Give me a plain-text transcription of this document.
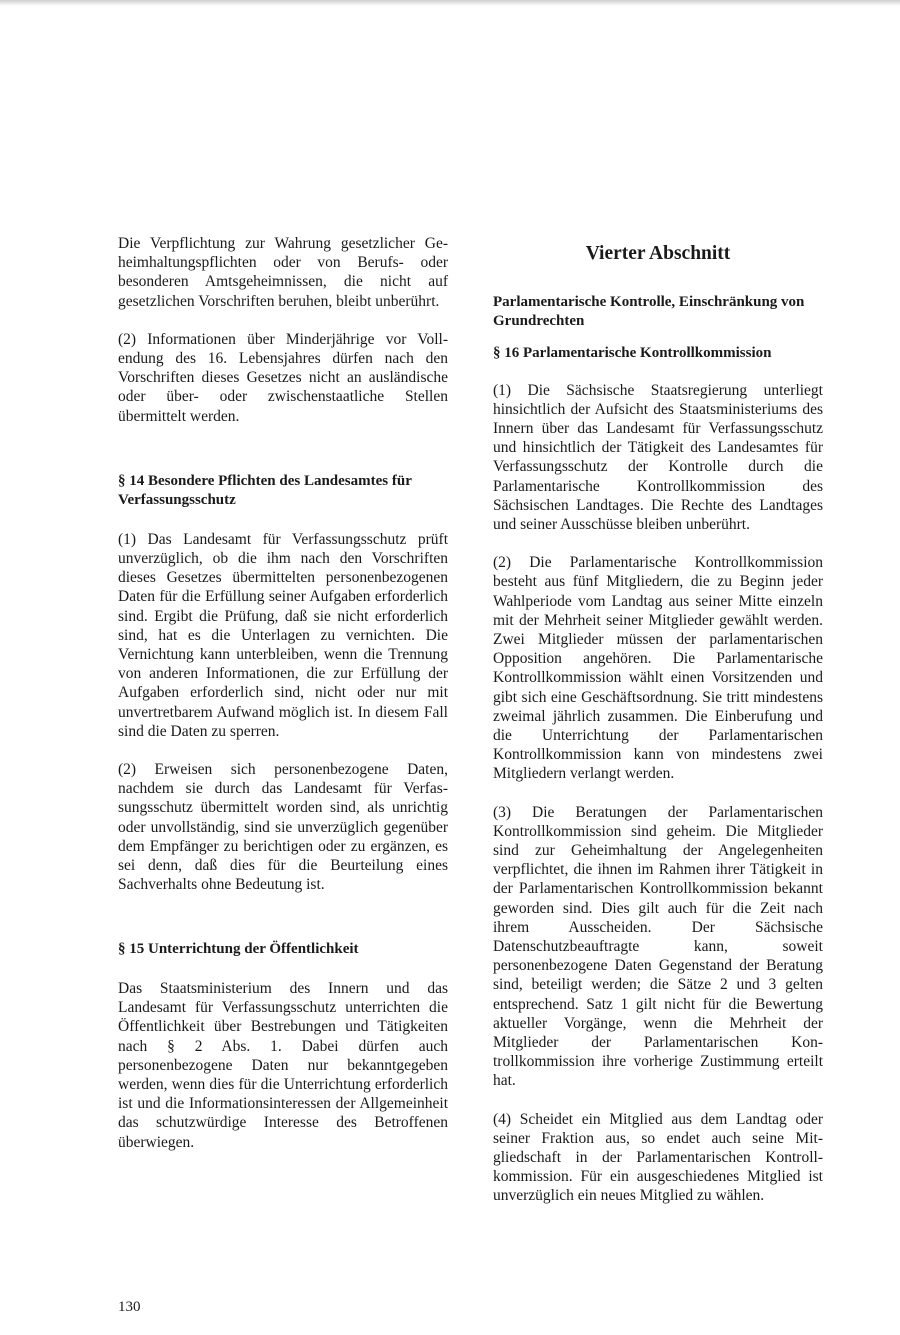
Die Verpflichtung zur Wahrung gesetzlicher Geheimhaltungspflichten oder von Berufs- oder besonderen Amtsgeheimnissen, die nicht auf gesetzlichen Vorschriften beruhen, bleibt unberührt.

(2) Informationen über Minderjährige vor Vollendung des 16. Lebensjahres dürfen nach den Vorschriften dieses Gesetzes nicht an ausländische oder über- oder zwischenstaatliche Stellen übermittelt werden.

§ 14 Besondere Pflichten des Landesamtes für Verfassungsschutz

(1) Das Landesamt für Verfassungsschutz prüft unverzüglich, ob die ihm nach den Vorschriften dieses Gesetzes übermittelten personenbezogenen Daten für die Erfüllung seiner Aufgaben erforderlich sind. Ergibt die Prüfung, daß sie nicht erforderlich sind, hat es die Unterlagen zu vernichten. Die Vernichtung kann unterbleiben, wenn die Trennung von anderen Informationen, die zur Erfüllung der Aufgaben erforderlich sind, nicht oder nur mit unvertretbarem Aufwand möglich ist. In diesem Fall sind die Daten zu sperren.

(2) Erweisen sich personenbezogene Daten, nachdem sie durch das Landesamt für Verfassungsschutz übermittelt worden sind, als unrichtig oder unvollständig, sind sie unverzüglich gegenüber dem Empfänger zu berichtigen oder zu ergänzen, es sei denn, daß dies für die Beurteilung eines Sachverhalts ohne Bedeutung ist.

§ 15 Unterrichtung der Öffentlichkeit

Das Staatsministerium des Innern und das Landesamt für Verfassungsschutz unterrichten die Öffentlichkeit über Bestrebungen und Tätigkeiten nach § 2 Abs. 1. Dabei dürfen auch personenbezogene Daten nur bekanntgegeben werden, wenn dies für die Unterrichtung erforderlich ist und die Informationsinteressen der Allgemeinheit das schutzwürdige Interesse des Betroffenen überwiegen.

Vierter Abschnitt
Parlamentarische Kontrolle, Einschränkung von Grundrechten
§ 16 Parlamentarische Kontrollkommission

(1) Die Sächsische Staatsregierung unterliegt hinsichtlich der Aufsicht des Staatsministeriums des Innern über das Landesamt für Verfassungsschutz und hinsichtlich der Tätigkeit des Landesamtes für Verfassungsschutz der Kontrolle durch die Parlamentarische Kontrollkommission des Sächsischen Landtages. Die Rechte des Landtages und seiner Ausschüsse bleiben unberührt.

(2) Die Parlamentarische Kontrollkommission besteht aus fünf Mitgliedern, die zu Beginn jeder Wahlperiode vom Landtag aus seiner Mitte einzeln mit der Mehrheit seiner Mitglieder gewählt werden. Zwei Mitglieder müssen der parlamentarischen Opposition angehören. Die Parlamentarische Kontrollkommission wählt einen Vorsitzenden und gibt sich eine Geschäftsordnung. Sie tritt mindestens zweimal jährlich zusammen. Die Einberufung und die Unterrichtung der Parlamentarischen Kontrollkommission kann von mindestens zwei Mitgliedern verlangt werden.

(3) Die Beratungen der Parlamentarischen Kontrollkommission sind geheim. Die Mitglieder sind zur Geheimhaltung der Angelegenheiten verpflichtet, die ihnen im Rahmen ihrer Tätigkeit in der Parlamentarischen Kontrollkommission bekannt geworden sind. Dies gilt auch für die Zeit nach ihrem Ausscheiden. Der Sächsische Datenschutzbeauftragte kann, soweit personenbezogene Daten Gegenstand der Beratung sind, beteiligt werden; die Sätze 2 und 3 gelten entsprechend. Satz 1 gilt nicht für die Bewertung aktueller Vorgänge, wenn die Mehrheit der Mitglieder der Parlamentarischen Kontrollkommission ihre vorherige Zustimmung erteilt hat.

(4) Scheidet ein Mitglied aus dem Landtag oder seiner Fraktion aus, so endet auch seine Mitgliedschaft in der Parlamentarischen Kontrollkommission. Für ein ausgeschiedenes Mitglied ist unverzüglich ein neues Mitglied zu wählen.

130
